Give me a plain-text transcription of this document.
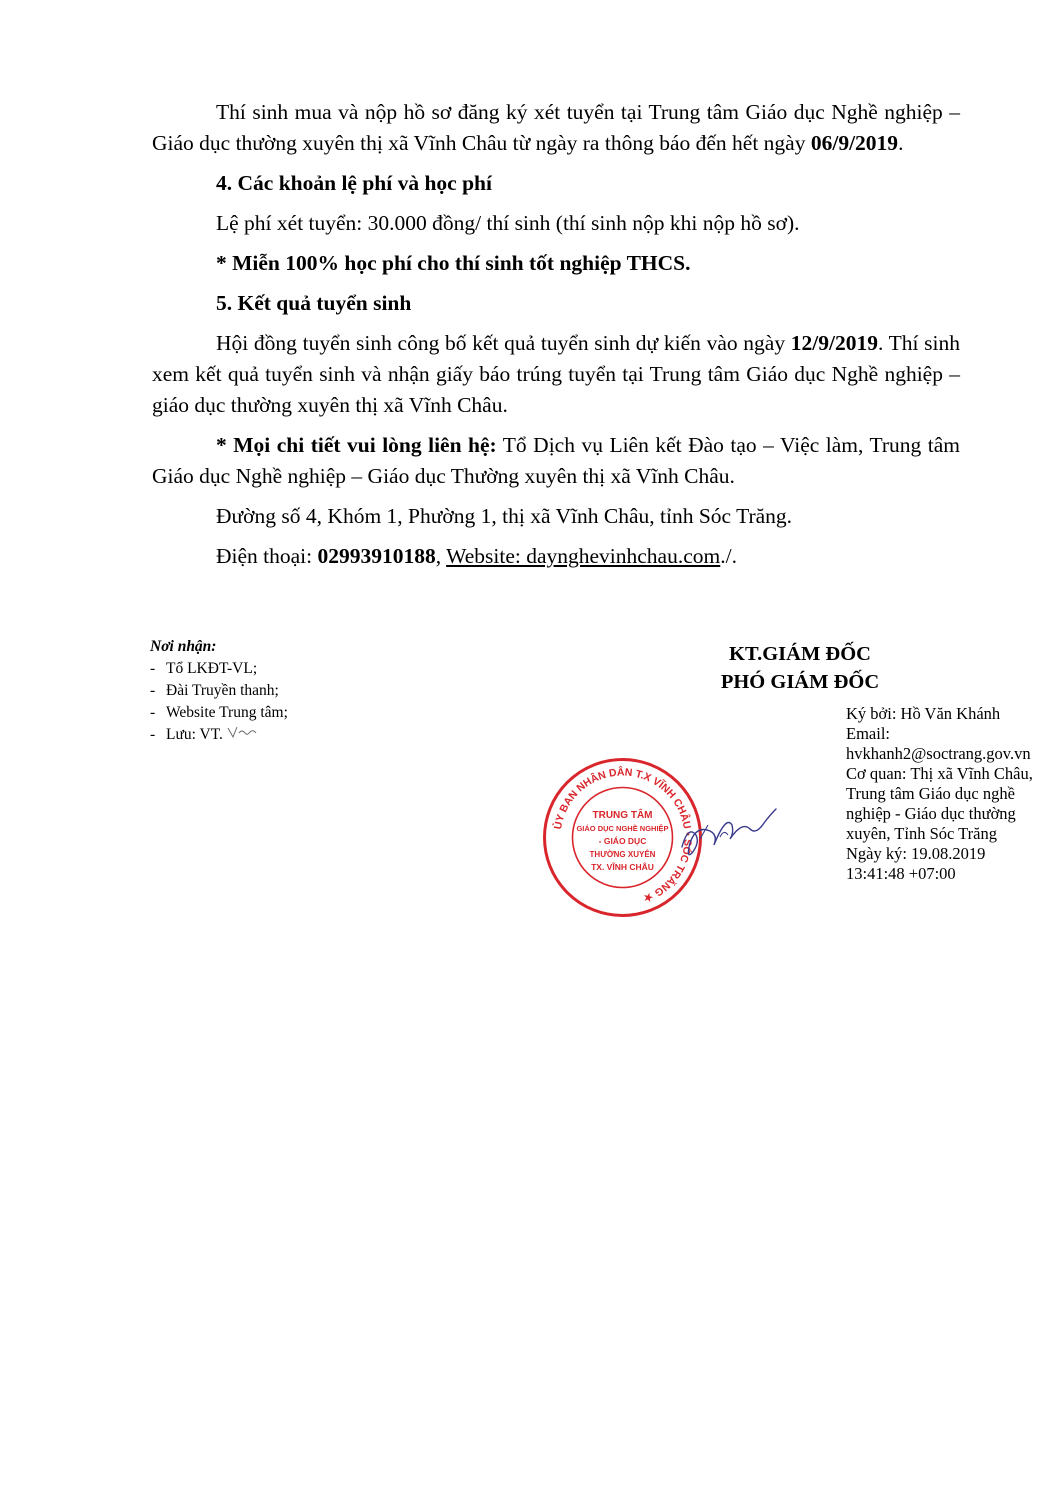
Thí sinh mua và nộp hồ sơ đăng ký xét tuyển tại Trung tâm Giáo dục Nghề nghiệp – Giáo dục thường xuyên thị xã Vĩnh Châu từ ngày ra thông báo đến hết ngày 06/9/2019.

4. Các khoản lệ phí và học phí

Lệ phí xét tuyển: 30.000 đồng/ thí sinh (thí sinh nộp khi nộp hồ sơ).

* Miễn 100% học phí cho thí sinh tốt nghiệp THCS.

5. Kết quả tuyển sinh

Hội đồng tuyển sinh công bố kết quả tuyển sinh dự kiến vào ngày 12/9/2019. Thí sinh xem kết quả tuyển sinh và nhận giấy báo trúng tuyển tại Trung tâm Giáo dục Nghề nghiệp – giáo dục thường xuyên thị xã Vĩnh Châu.

* Mọi chi tiết vui lòng liên hệ: Tổ Dịch vụ Liên kết Đào tạo – Việc làm, Trung tâm Giáo dục Nghề nghiệp – Giáo dục Thường xuyên thị xã Vĩnh Châu.

Đường số 4, Khóm 1, Phường 1, thị xã Vĩnh Châu, tỉnh Sóc Trăng.

Điện thoại: 02993910188, Website: daynghevinhchau.com./.

Nơi nhận:
- Tổ LKĐT-VL;
- Đài Truyền thanh;
- Website Trung tâm;
- Lưu: VT.
KT.GIÁM ĐỐC
PHÓ GIÁM ĐỐC
Ký bởi: Hồ Văn Khánh
Email:
hvkhanh2@soctrang.gov.vn
Cơ quan: Thị xã Vĩnh Châu, Trung tâm Giáo dục nghề nghiệp - Giáo dục thường xuyên, Tỉnh Sóc Trăng
Ngày ký: 19.08.2019 13:41:48 +07:00
ỦY BAN NHÂN DÂN T.X VĨNH CHÂU • SÓC TRĂNG ★
TRUNG TÂM
GIÁO DỤC NGHỀ NGHIỆP
- GIÁO DỤC
THƯỜNG XUYÊN
TX. VĨNH CHÂU
